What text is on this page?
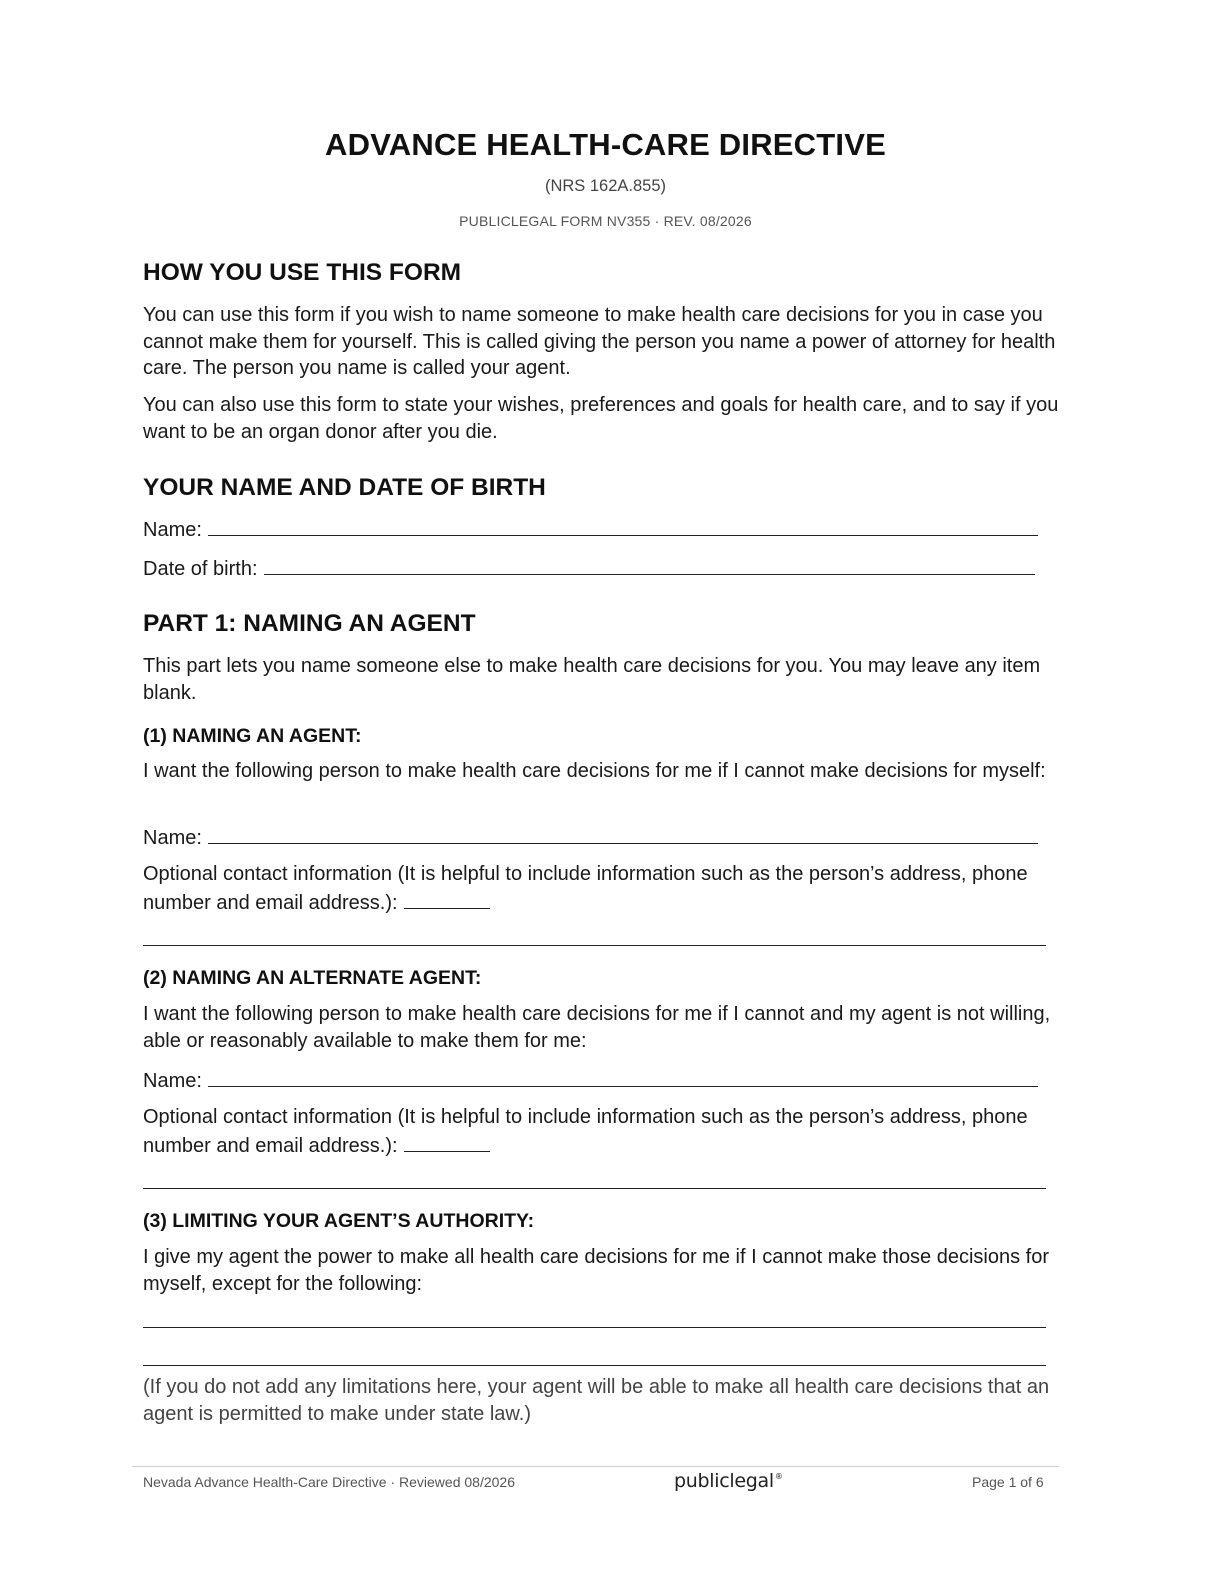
ADVANCE HEALTH-CARE DIRECTIVE
(NRS 162A.855)
PUBLICLEGAL FORM NV355 · REV. 08/2026
HOW YOU USE THIS FORM
You can use this form if you wish to name someone to make health care decisions for you in case you cannot make them for yourself. This is called giving the person you name a power of attorney for health care. The person you name is called your agent.
You can also use this form to state your wishes, preferences and goals for health care, and to say if you want to be an organ donor after you die.
YOUR NAME AND DATE OF BIRTH
Name:
Date of birth:
PART 1: NAMING AN AGENT
This part lets you name someone else to make health care decisions for you. You may leave any item blank.
(1) NAMING AN AGENT:
I want the following person to make health care decisions for me if I cannot make decisions for myself:
Name:
Optional contact information (It is helpful to include information such as the person’s address, phone number and email address.):
(2) NAMING AN ALTERNATE AGENT:
I want the following person to make health care decisions for me if I cannot and my agent is not willing, able or reasonably available to make them for me:
Name:
Optional contact information (It is helpful to include information such as the person’s address, phone number and email address.):
(3) LIMITING YOUR AGENT’S AUTHORITY:
I give my agent the power to make all health care decisions for me if I cannot make those decisions for myself, except for the following:
(If you do not add any limitations here, your agent will be able to make all health care decisions that an agent is permitted to make under state law.)
Nevada Advance Health-Care Directive · Reviewed 08/2026	publiclegal®	Page 1 of 6
